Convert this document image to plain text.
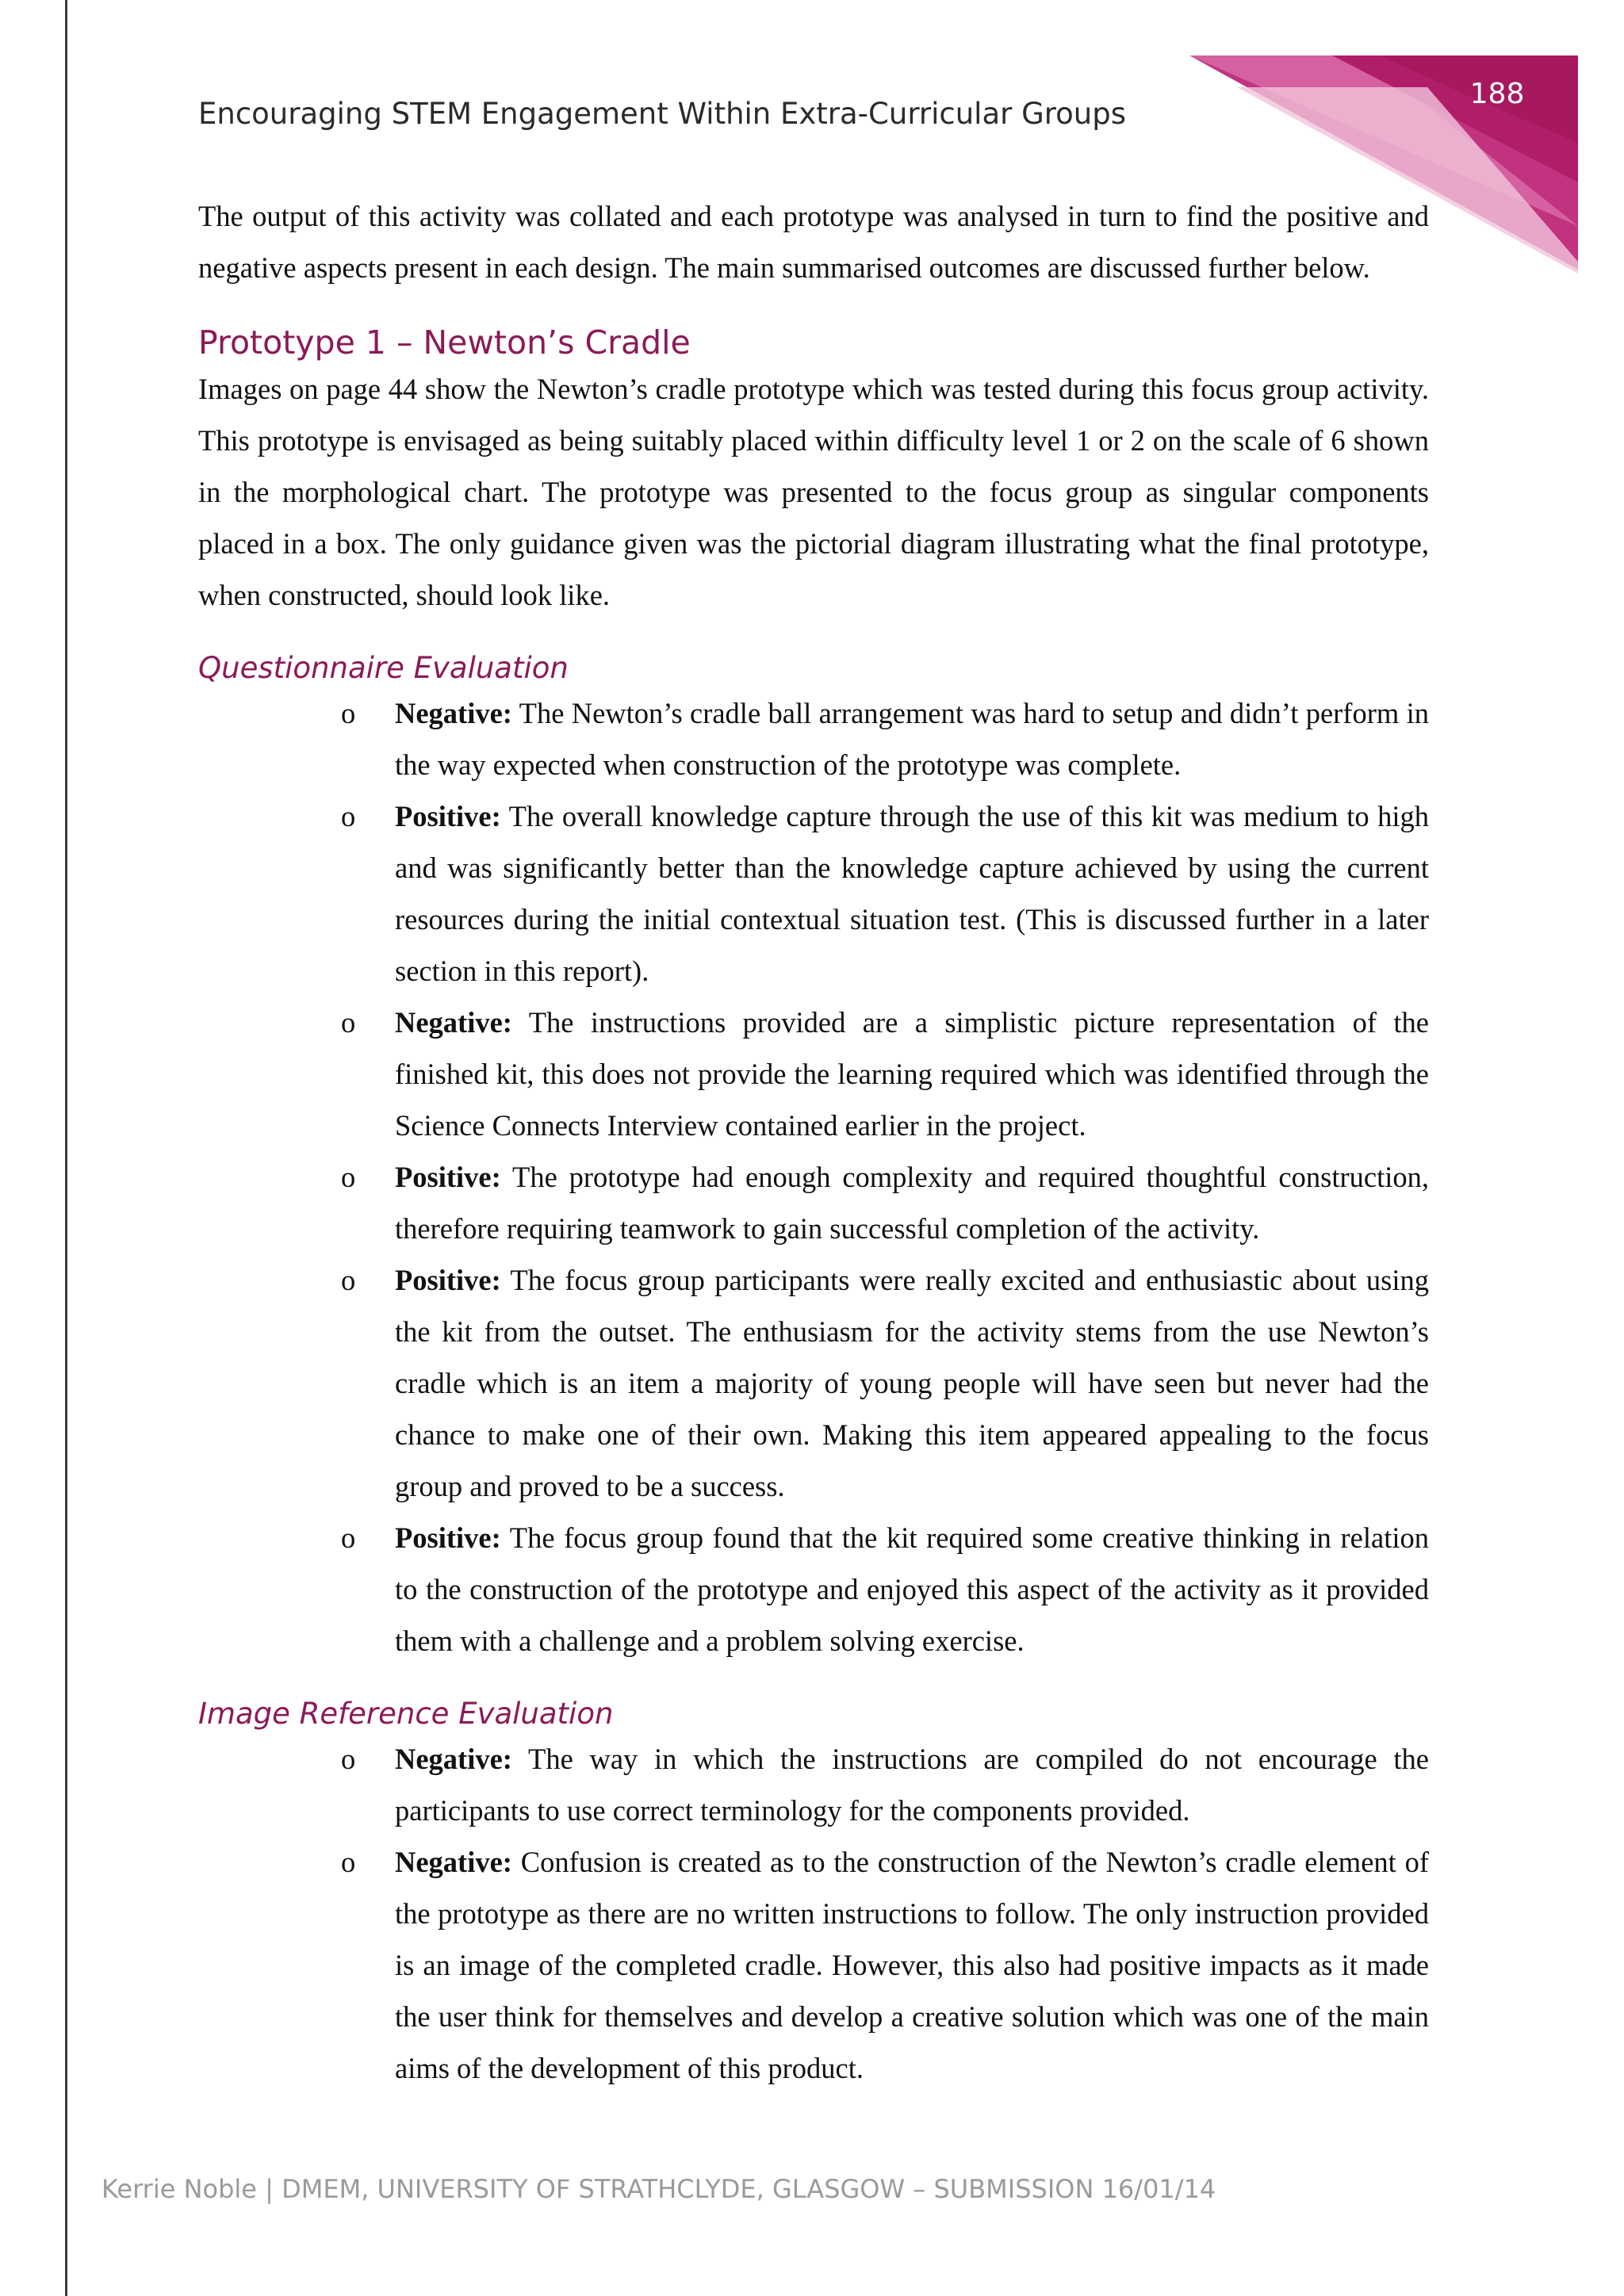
188
Encouraging STEM Engagement Within Extra-Curricular Groups

The output of this activity was collated and each prototype was analysed in turn to find the positive and negative aspects present in each design. The main summarised outcomes are discussed further below.

Prototype 1 – Newton’s Cradle

Images on page 44 show the Newton’s cradle prototype which was tested during this focus group activity. This prototype is envisaged as being suitably placed within difficulty level 1 or 2 on the scale of 6 shown in the morphological chart. The prototype was presented to the focus group as singular components placed in a box. The only guidance given was the pictorial diagram illustrating what the final prototype, when constructed, should look like.

Questionnaire Evaluation
o Negative: The Newton’s cradle ball arrangement was hard to setup and didn’t perform in the way expected when construction of the prototype was complete.
o Positive: The overall knowledge capture through the use of this kit was medium to high and was significantly better than the knowledge capture achieved by using the current resources during the initial contextual situation test. (This is discussed further in a later section in this report).
o Negative: The instructions provided are a simplistic picture representation of the finished kit, this does not provide the learning required which was identified through the Science Connects Interview contained earlier in the project.
o Positive: The prototype had enough complexity and required thoughtful construction, therefore requiring teamwork to gain successful completion of the activity.
o Positive: The focus group participants were really excited and enthusiastic about using the kit from the outset. The enthusiasm for the activity stems from the use Newton’s cradle which is an item a majority of young people will have seen but never had the chance to make one of their own. Making this item appeared appealing to the focus group and proved to be a success.
o Positive: The focus group found that the kit required some creative thinking in relation to the construction of the prototype and enjoyed this aspect of the activity as it provided them with a challenge and a problem solving exercise.
Image Reference Evaluation
o Negative: The way in which the instructions are compiled do not encourage the participants to use correct terminology for the components provided.
o Negative: Confusion is created as to the construction of the Newton’s cradle element of the prototype as there are no written instructions to follow. The only instruction provided is an image of the completed cradle. However, this also had positive impacts as it made the user think for themselves and develop a creative solution which was one of the main aims of the development of this product.
Kerrie Noble | DMEM, UNIVERSITY OF STRATHCLYDE, GLASGOW – SUBMISSION 16/01/14
